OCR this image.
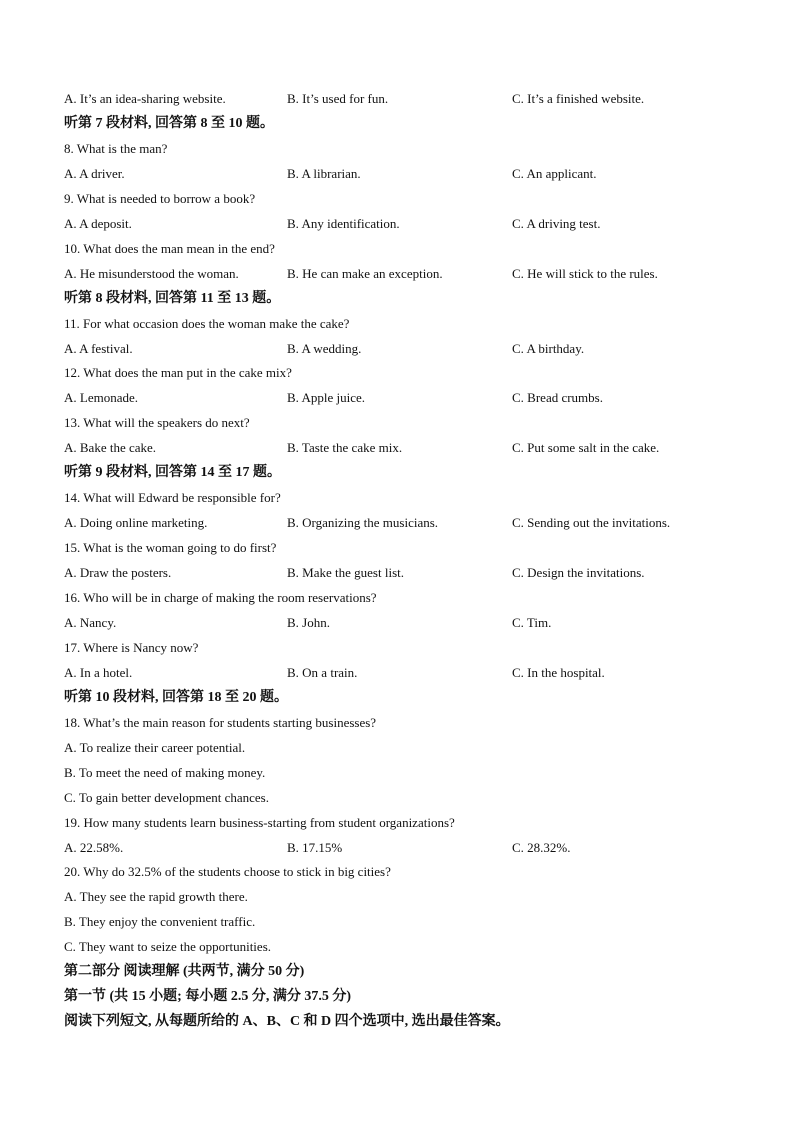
A. It’s an idea-sharing website.	B. It’s used for fun.	C. It’s a finished website.
听第 7 段材料, 回答第 8 至 10 题。
8. What is the man?
A. A driver.	B. A librarian.	C. An applicant.
9. What is needed to borrow a book?
A. A deposit.	B. Any identification.	C. A driving test.
10. What does the man mean in the end?
A. He misunderstood the woman.	B. He can make an exception.	C. He will stick to the rules.
听第 8 段材料, 回答第 11 至 13 题。
11. For what occasion does the woman make the cake?
A. A festival.	B. A wedding.	C. A birthday.
12. What does the man put in the cake mix?
A. Lemonade.	B. Apple juice.	C. Bread crumbs.
13. What will the speakers do next?
A. Bake the cake.	B. Taste the cake mix.	C. Put some salt in the cake.
听第 9 段材料, 回答第 14 至 17 题。
14. What will Edward be responsible for?
A. Doing online marketing.	B. Organizing the musicians.	C. Sending out the invitations.
15. What is the woman going to do first?
A. Draw the posters.	B. Make the guest list.	C. Design the invitations.
16. Who will be in charge of making the room reservations?
A. Nancy.	B. John.	C. Tim.
17. Where is Nancy now?
A. In a hotel.	B. On a train.	C. In the hospital.
听第 10 段材料, 回答第 18 至 20 题。
18. What’s the main reason for students starting businesses?
A. To realize their career potential.
B. To meet the need of making money.
C. To gain better development chances.
19. How many students learn business-starting from student organizations?
A. 22.58%.	B. 17.15%	C. 28.32%.
20. Why do 32.5% of the students choose to stick in big cities?
A. They see the rapid growth there.
B. They enjoy the convenient traffic.
C. They want to seize the opportunities.
第二部分 阅读理解 (共两节, 满分 50 分)
第一节 (共 15 小题; 每小题 2.5 分, 满分 37.5 分)
阅读下列短文, 从每题所给的 A、B、C 和 D 四个选项中, 选出最佳答案。
